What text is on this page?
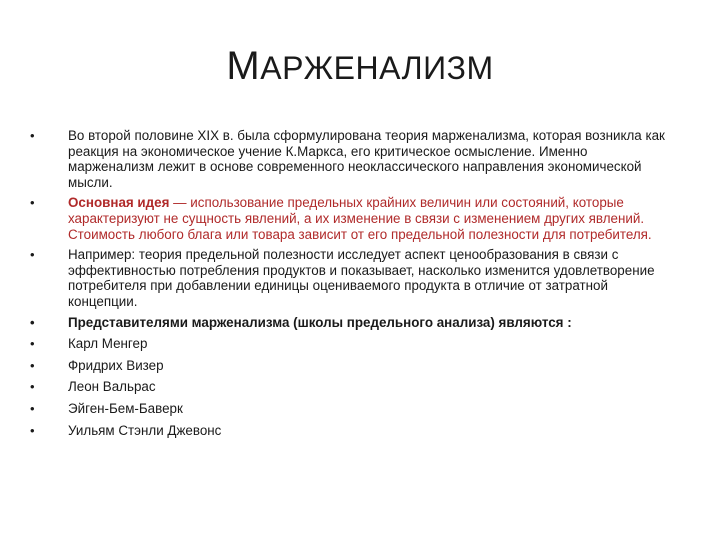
МАРЖЕНАЛИЗМ
• Во второй половине XIX в. была сформулирована теория марженализма, которая возникла как реакция на экономическое учение К.Маркса, его критическое осмысление. Именно марженализм лежит в основе современного неоклассического направления экономической мысли.
• Основная идея — использование предельных крайних величин или состояний, которые характеризуют не сущность явлений, а их изменение в связи с изменением других явлений. Стоимость любого блага или товара зависит от его предельной полезности для потребителя.
• Например: теория предельной полезности исследует аспект ценообразования в связи с эффективностью потребления продуктов и показывает, насколько изменится удовлетворение потребителя при добавлении единицы оцениваемого продукта в отличие от затратной концепции.
• Представителями марженализма (школы предельного анализа) являются :
• Карл Менгер
• Фридрих Визер
• Леон Вальрас
• Эйген-Бем-Баверк
• Уильям Стэнли Джевонс
